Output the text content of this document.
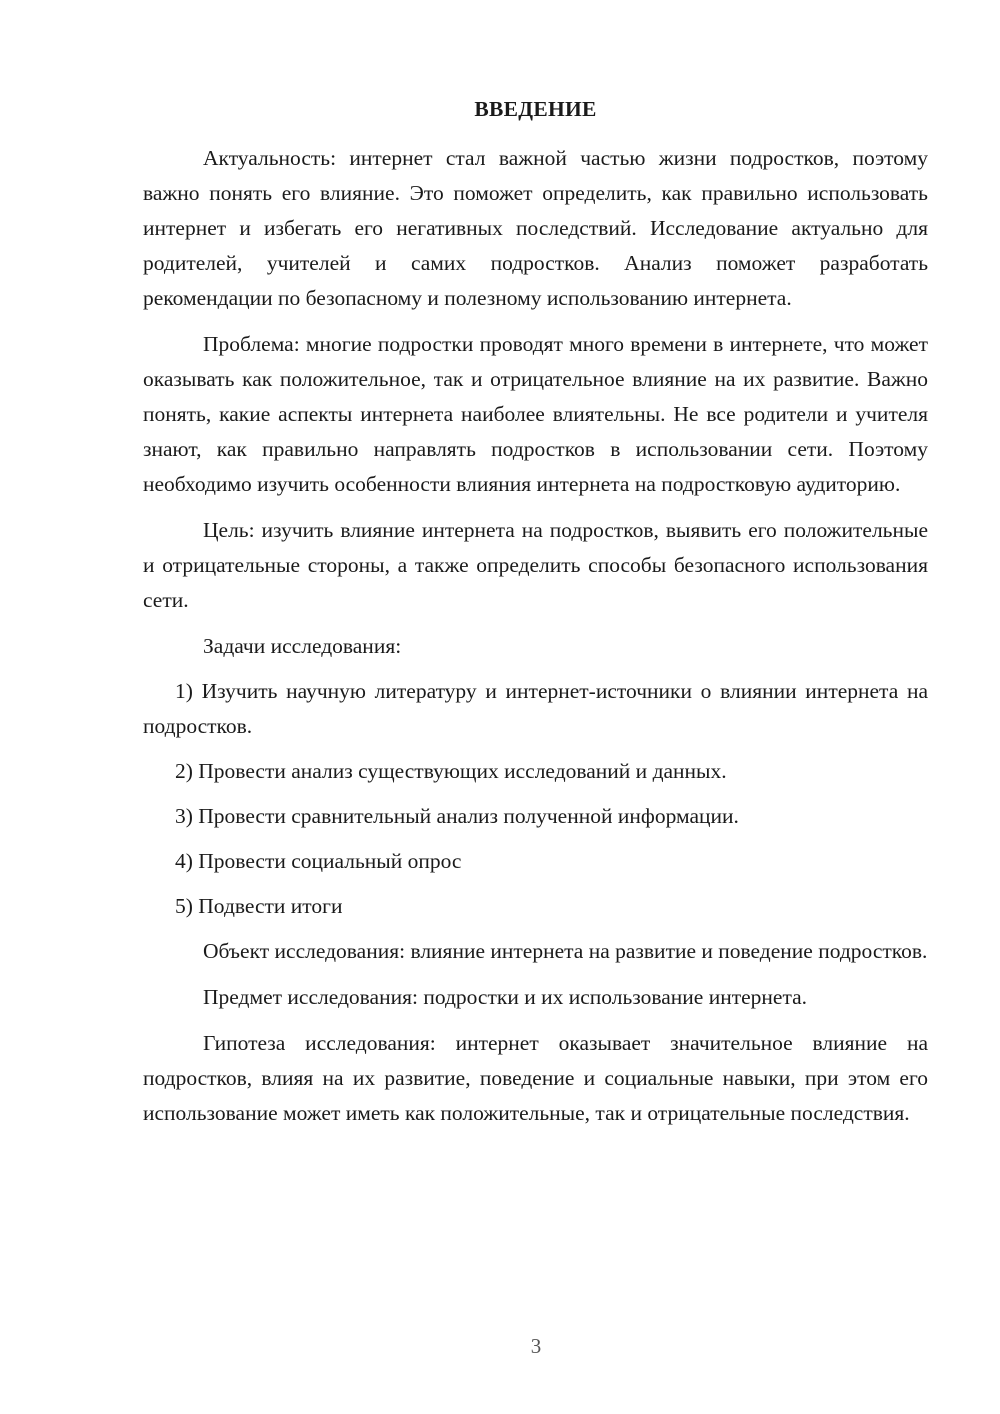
ВВЕДЕНИЕ

Актуальность: интернет стал важной частью жизни подростков, поэтому важно понять его влияние. Это поможет определить, как правильно использовать интернет и избегать его негативных последствий. Исследование актуально для родителей, учителей и самих подростков. Анализ поможет разработать рекомендации по безопасному и полезному использованию интернета.

Проблема: многие подростки проводят много времени в интернете, что может оказывать как положительное, так и отрицательное влияние на их развитие. Важно понять, какие аспекты интернета наиболее влиятельны. Не все родители и учителя знают, как правильно направлять подростков в использовании сети. Поэтому необходимо изучить особенности влияния интернета на подростковую аудиторию.

Цель: изучить влияние интернета на подростков, выявить его положительные и отрицательные стороны, а также определить способы безопасного использования сети.

Задачи исследования:

1) Изучить научную литературу и интернет-источники о влиянии интернета на подростков.

2) Провести анализ существующих исследований и данных.

3) Провести сравнительный анализ полученной информации.

4) Провести социальный опрос

5) Подвести итоги

Объект исследования: влияние интернета на развитие и поведение подростков.

Предмет исследования: подростки и их использование интернета.

Гипотеза исследования: интернет оказывает значительное влияние на подростков, влияя на их развитие, поведение и социальные навыки, при этом его использование может иметь как положительные, так и отрицательные последствия.

3
